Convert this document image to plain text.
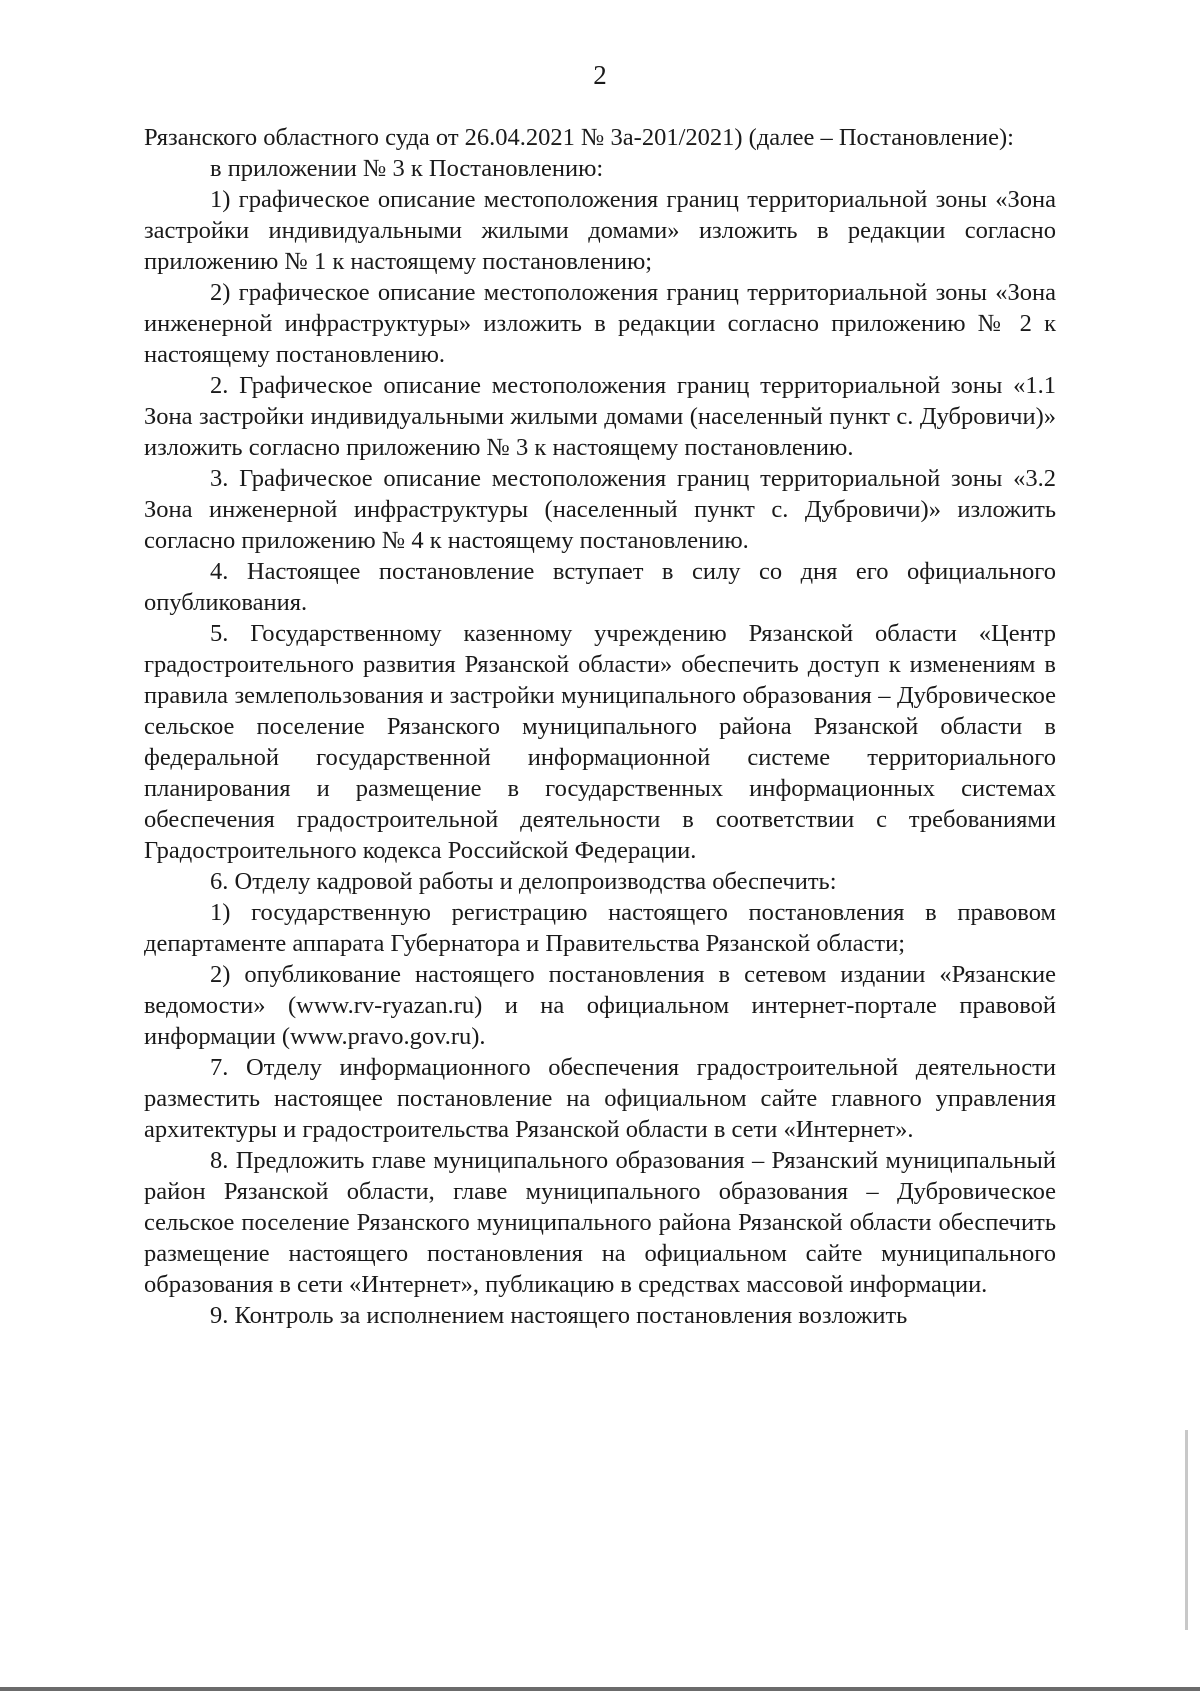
2

Рязанского областного суда от 26.04.2021 № 3а-201/2021) (далее – Постановление):

в приложении № 3 к Постановлению:

1) графическое описание местоположения границ территориальной зоны «Зона застройки индивидуальными жилыми домами» изложить в редакции согласно приложению № 1 к настоящему постановлению;

2) графическое описание местоположения границ территориальной зоны «Зона инженерной инфраструктуры» изложить в редакции согласно приложению № 2 к настоящему постановлению.

2. Графическое описание местоположения границ территориальной зоны «1.1 Зона застройки индивидуальными жилыми домами (населенный пункт с. Дубровичи)» изложить согласно приложению № 3 к настоящему постановлению.

3. Графическое описание местоположения границ территориальной зоны «3.2 Зона инженерной инфраструктуры (населенный пункт с. Дубровичи)» изложить согласно приложению № 4 к настоящему постановлению.

4. Настоящее постановление вступает в силу со дня его официального опубликования.

5. Государственному казенному учреждению Рязанской области «Центр градостроительного развития Рязанской области» обеспечить доступ к изменениям в правила землепользования и застройки муниципального образования – Дубровическое сельское поселение Рязанского муниципального района Рязанской области в федеральной государственной информационной системе территориального планирования и размещение в государственных информационных системах обеспечения градостроительной деятельности в соответствии с требованиями Градостроительного кодекса Российской Федерации.

6. Отделу кадровой работы и делопроизводства обеспечить:

1) государственную регистрацию настоящего постановления в правовом департаменте аппарата Губернатора и Правительства Рязанской области;

2) опубликование настоящего постановления в сетевом издании «Рязанские ведомости» (www.rv-ryazan.ru) и на официальном интернет-портале правовой информации (www.pravo.gov.ru).

7. Отделу информационного обеспечения градостроительной деятельности разместить настоящее постановление на официальном сайте главного управления архитектуры и градостроительства Рязанской области в сети «Интернет».

8. Предложить главе муниципального образования – Рязанский муниципальный район Рязанской области, главе муниципального образования – Дубровическое сельское поселение Рязанского муниципального района Рязанской области обеспечить размещение настоящего постановления на официальном сайте муниципального образования в сети «Интернет», публикацию в средствах массовой информации.

9. Контроль за исполнением настоящего постановления возложить
